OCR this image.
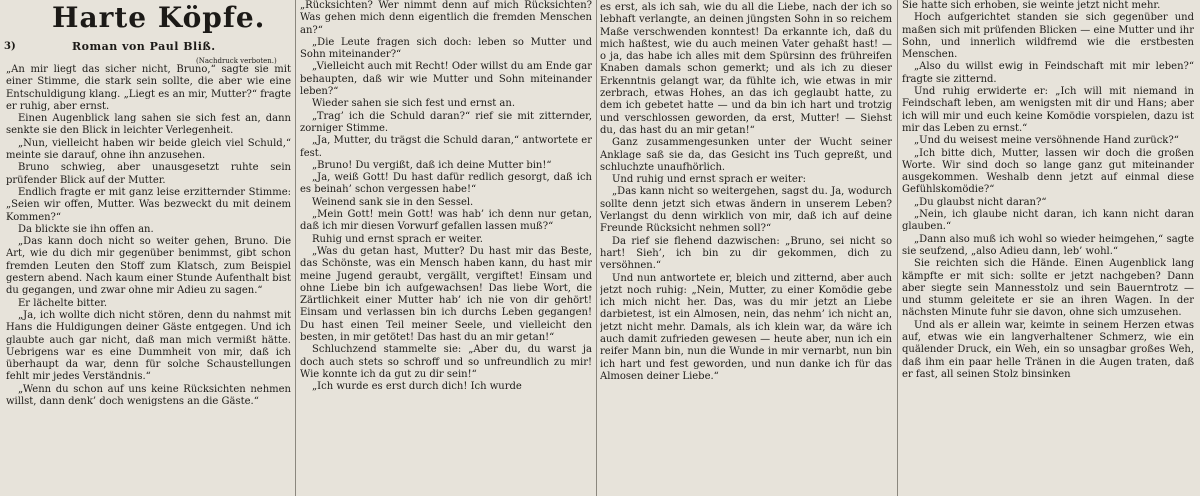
Harte Köpfe.
3)	Roman von Paul Bliß.
(Nachdruck verboten.)

„An mir liegt das sicher nicht, Bruno,“ sagte sie mit einer Stimme, die stark sein sollte, die aber wie eine Entschuldigung klang. „Liegt es an mir, Mutter?“ fragte er ruhig, aber ernst.

Einen Augenblick lang sahen sie sich fest an, dann senkte sie den Blick in leichter Verlegenheit.

„Nun, vielleicht haben wir beide gleich viel Schuld,“ meinte sie darauf, ohne ihn anzusehen.

Bruno schwieg, aber unausgesetzt ruhte sein prüfender Blick auf der Mutter.

Endlich fragte er mit ganz leise erzitternder Stimme: „Seien wir offen, Mutter. Was bezweckt du mit deinem Kommen?“

Da blickte sie ihn offen an.

„Das kann doch nicht so weiter gehen, Bruno. Die Art, wie du dich mir gegenüber benimmst, gibt schon fremden Leuten den Stoff zum Klatsch, zum Beispiel gestern abend. Nach kaum einer Stunde Aufenthalt bist du gegangen, und zwar ohne mir Adieu zu sagen.“

Er lächelte bitter.

„Ja, ich wollte dich nicht stören, denn du nahmst mit Hans die Huldigungen deiner Gäste entgegen. Und ich glaubte auch gar nicht, daß man mich vermißt hätte. Uebrigens war es eine Dummheit von mir, daß ich überhaupt da war, denn für solche Schaustellungen fehlt mir jedes Verständnis.“

„Wenn du schon auf uns keine Rücksichten nehmen willst, dann denk’ doch wenigstens an die Gäste.“

„Rücksichten? Wer nimmt denn auf mich Rücksichten? Was gehen mich denn eigentlich die fremden Menschen an?“

„Die Leute fragen sich doch: leben so Mutter und Sohn miteinander?“

„Vielleicht auch mit Recht! Oder willst du am Ende gar behaupten, daß wir wie Mutter und Sohn miteinander leben?“

Wieder sahen sie sich fest und ernst an.

„Trag’ ich die Schuld daran?“ rief sie mit zitternder, zorniger Stimme.

„Ja, Mutter, du trägst die Schuld daran,“ antwortete er fest.

„Bruno! Du vergißt, daß ich deine Mutter bin!“

„Ja, weiß Gott! Du hast dafür redlich gesorgt, daß ich es beinah’ schon vergessen habe!“

Weinend sank sie in den Sessel.

„Mein Gott! mein Gott! was hab’ ich denn nur getan, daß ich mir diesen Vorwurf gefallen lassen muß?“

Ruhig und ernst sprach er weiter.

„Was du getan hast, Mutter? Du hast mir das Beste, das Schönste, was ein Mensch haben kann, du hast mir meine Jugend geraubt, vergällt, vergiftet! Einsam und ohne Liebe bin ich aufgewachsen! Das liebe Wort, die Zärtlichkeit einer Mutter hab’ ich nie von dir gehört! Einsam und verlassen bin ich durchs Leben gegangen! Du hast einen Teil meiner Seele, und vielleicht den besten, in mir getötet! Das hast du an mir getan!“

Schluchzend stammelte sie: „Aber du, du warst ja doch auch stets so schroff und so unfreundlich zu mir! Wie konnte ich da gut zu dir sein!“

„Ich wurde es erst durch dich! Ich wurde

es erst, als ich sah, wie du all die Liebe, nach der ich so lebhaft verlangte, an deinen jüngsten Sohn in so reichem Maße verschwenden konntest! Da erkannte ich, daß du mich haßtest, wie du auch meinen Vater gehaßt hast! — o ja, das habe ich alles mit dem Spürsinn des frühreifen Knaben damals schon gemerkt; und als ich zu dieser Erkenntnis gelangt war, da fühlte ich, wie etwas in mir zerbrach, etwas Hohes, an das ich geglaubt hatte, zu dem ich gebetet hatte — und da bin ich hart und trotzig und verschlossen geworden, da erst, Mutter! — Siehst du, das hast du an mir getan!“

Ganz zusammengesunken unter der Wucht seiner Anklage saß sie da, das Gesicht ins Tuch gepreßt, und schluchzte unaufhörlich.

Und ruhig und ernst sprach er weiter:

„Das kann nicht so weitergehen, sagst du. Ja, wodurch sollte denn jetzt sich etwas ändern in unserem Leben? Verlangst du denn wirklich von mir, daß ich auf deine Freunde Rücksicht nehmen soll?“

Da rief sie flehend dazwischen: „Bruno, sei nicht so hart! Sieh’, ich bin zu dir gekommen, dich zu versöhnen.“

Und nun antwortete er, bleich und zitternd, aber auch jetzt noch ruhig: „Nein, Mutter, zu einer Komödie gebe ich mich nicht her. Das, was du mir jetzt an Liebe darbietest, ist ein Almosen, nein, das nehm’ ich nicht an, jetzt nicht mehr. Damals, als ich klein war, da wäre ich auch damit zufrieden gewesen — heute aber, nun ich ein reifer Mann bin, nun die Wunde in mir vernarbt, nun bin ich hart und fest geworden, und nun danke ich für das Almosen deiner Liebe.“

Sie hatte sich erhoben, sie weinte jetzt nicht mehr.

Hoch aufgerichtet standen sie sich gegenüber und maßen sich mit prüfenden Blicken — eine Mutter und ihr Sohn, und innerlich wildfremd wie die erstbesten Menschen.

„Also du willst ewig in Feindschaft mit mir leben?“ fragte sie zitternd.

Und ruhig erwiderte er: „Ich will mit niemand in Feindschaft leben, am wenigsten mit dir und Hans; aber ich will mir und euch keine Komödie vorspielen, dazu ist mir das Leben zu ernst.“

„Und du weisest meine versöhnende Hand zurück?“

„Ich bitte dich, Mutter, lassen wir doch die großen Worte. Wir sind doch so lange ganz gut miteinander ausgekommen. Weshalb denn jetzt auf einmal diese Gefühlskomödie?“

„Du glaubst nicht daran?“

„Nein, ich glaube nicht daran, ich kann nicht daran glauben.“

„Dann also muß ich wohl so wieder heimgehen,“ sagte sie seufzend, „also Adieu dann, leb’ wohl.“

Sie reichten sich die Hände. Einen Augenblick lang kämpfte er mit sich: sollte er jetzt nachgeben? Dann aber siegte sein Mannesstolz und sein Bauerntrotz — und stumm geleitete er sie an ihren Wagen. In der nächsten Minute fuhr sie davon, ohne sich umzusehen.

Und als er allein war, keimte in seinem Herzen etwas auf, etwas wie ein langverhaltener Schmerz, wie ein quälender Druck, ein Weh, ein so unsagbar großes Weh, daß ihm ein paar helle Tränen in die Augen traten, daß er fast, all seinen Stolz binsinken
